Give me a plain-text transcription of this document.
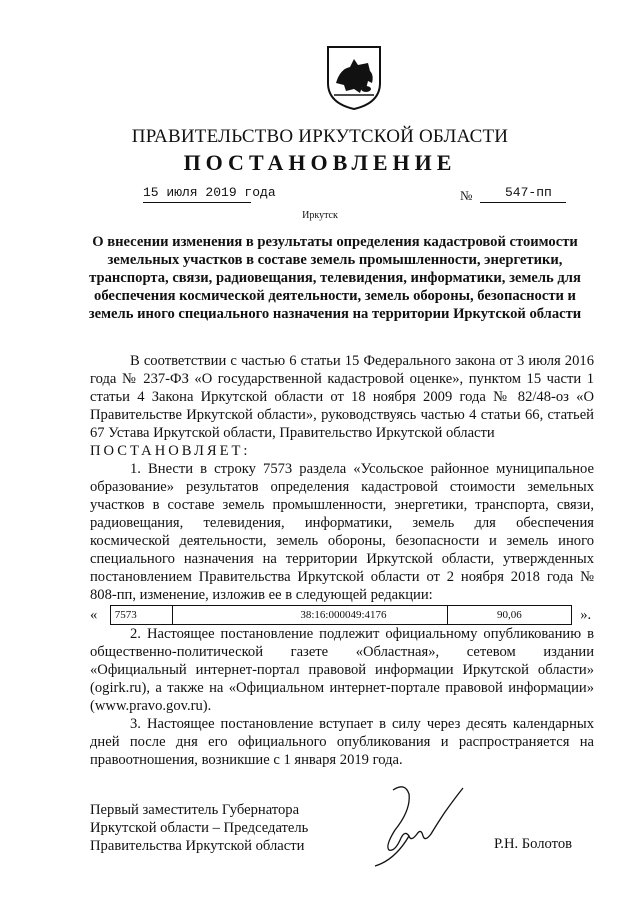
ПРАВИТЕЛЬСТВО ИРКУТСКОЙ ОБЛАСТИ
ПОСТАНОВЛЕНИЕ
15 июля 2019 года	№	547-пп
Иркутск
О внесении изменения в результаты определения кадастровой стоимости земельных участков в составе земель промышленности, энергетики, транспорта, связи, радиовещания, телевидения, информатики, земель для обеспечения космической деятельности, земель обороны, безопасности и земель иного специального назначения на территории Иркутской области

В соответствии с частью 6 статьи 15 Федерального закона от 3 июля 2016 года № 237-ФЗ «О государственной кадастровой оценке», пунктом 15 части 1 статьи 4 Закона Иркутской области от 18 ноября 2009 года № 82/48-оз «О Правительстве Иркутской области», руководствуясь частью 4 статьи 66, статьей 67 Устава Иркутской области, Правительство Иркутской области

ПОСТАНОВЛЯЕТ:

1. Внести в строку 7573 раздела «Усольское районное муниципальное образование» результатов определения кадастровой стоимости земельных участков в составе земель промышленности, энергетики, транспорта, связи, радиовещания, телевидения, информатики, земель для обеспечения космической деятельности, земель обороны, безопасности и земель иного специального назначения на территории Иркутской области, утвержденных постановлением Правительства Иркутской области от 2 ноября 2018 года № 808-пп, изменение, изложив ее в следующей редакции:

«	7573	38:16:000049:4176	90,06	».

2. Настоящее постановление подлежит официальному опубликованию в общественно-политической газете «Областная», сетевом издании «Официальный интернет-портал правовой информации Иркутской области» (ogirk.ru), а также на «Официальном интернет-портале правовой информации» (www.pravo.gov.ru).

3. Настоящее постановление вступает в силу через десять календарных дней после дня его официального опубликования и распространяется на правоотношения, возникшие с 1 января 2019 года.

Первый заместитель Губернатора
Иркутской области – Председатель
Правительства Иркутской области	Р.Н. Болотов
